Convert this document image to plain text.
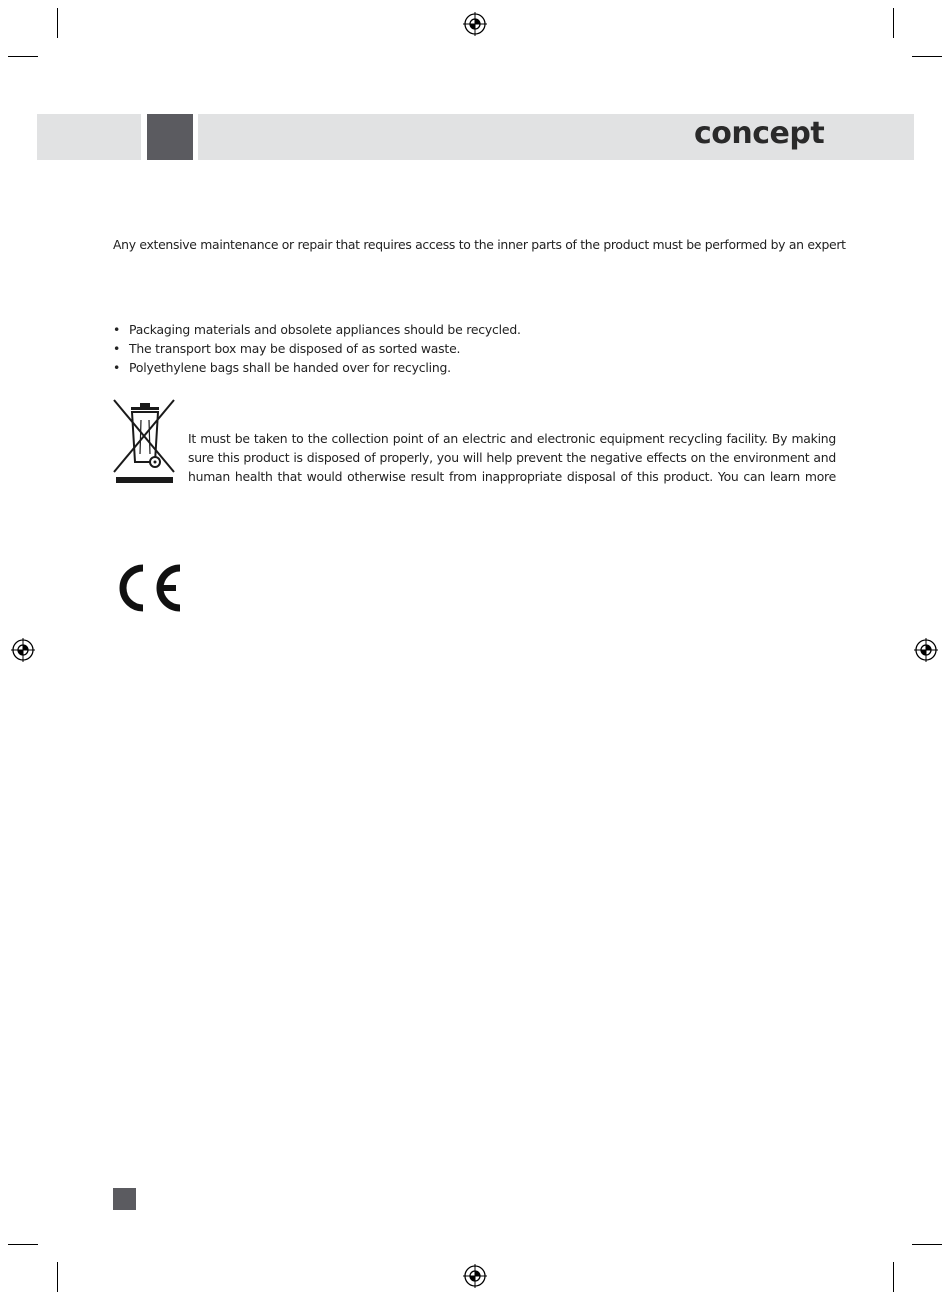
concept
Any extensive maintenance or repair that requires access to the inner parts of the product must be performed by an expert
• Packaging materials and obsolete appliances should be recycled.
• The transport box may be disposed of as sorted waste.
• Polyethylene bags shall be handed over for recycling.
It must be taken to the collection point of an electric and electronic equipment recycling facility. By making
sure this product is disposed of properly, you will help prevent the negative effects on the environment and
human health that would otherwise result from inappropriate disposal of this product. You can learn more
